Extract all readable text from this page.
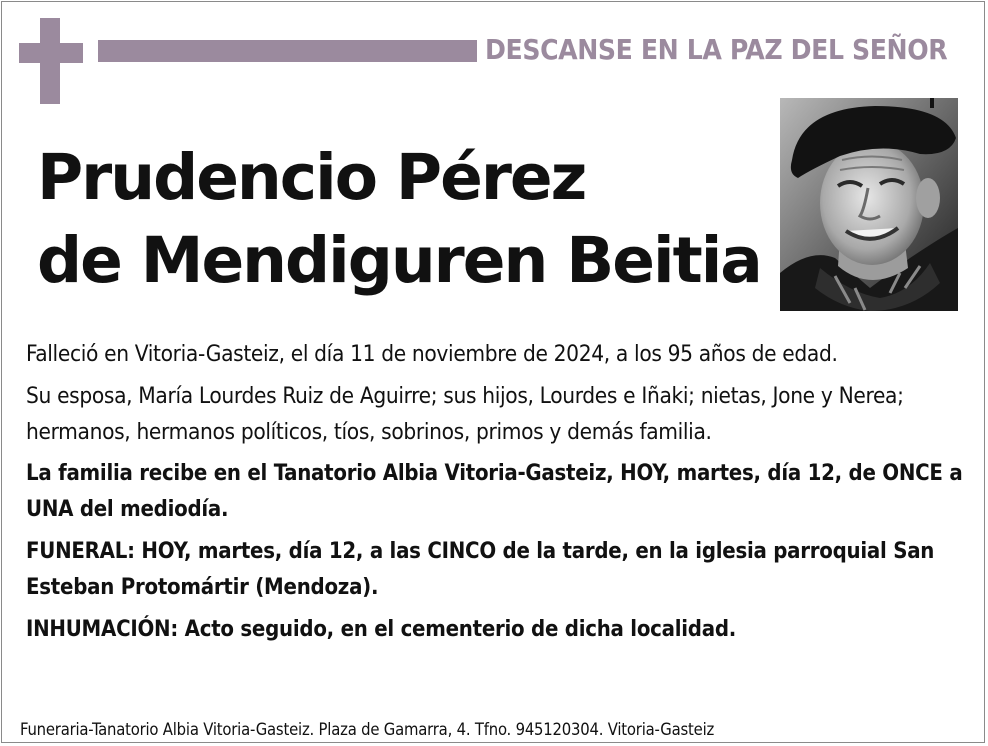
DESCANSE EN LA PAZ DEL SEÑOR
Prudencio Pérez
de Mendiguren Beitia

Falleció en Vitoria-Gasteiz, el día 11 de noviembre de 2024, a los 95 años de edad.

Su esposa, María Lourdes Ruiz de Aguirre; sus hijos, Lourdes e Iñaki; nietas, Jone y Nerea; hermanos, hermanos políticos, tíos, sobrinos, primos y demás familia.

La familia recibe en el Tanatorio Albia Vitoria-Gasteiz, HOY, martes, día 12, de ONCE a UNA del mediodía.

FUNERAL: HOY, martes, día 12, a las CINCO de la tarde, en la iglesia parroquial San Esteban Protomártir (Mendoza).

INHUMACIÓN: Acto seguido, en el cementerio de dicha localidad.

Funeraria-Tanatorio Albia Vitoria-Gasteiz. Plaza de Gamarra, 4. Tfno. 945120304. Vitoria-Gasteiz
